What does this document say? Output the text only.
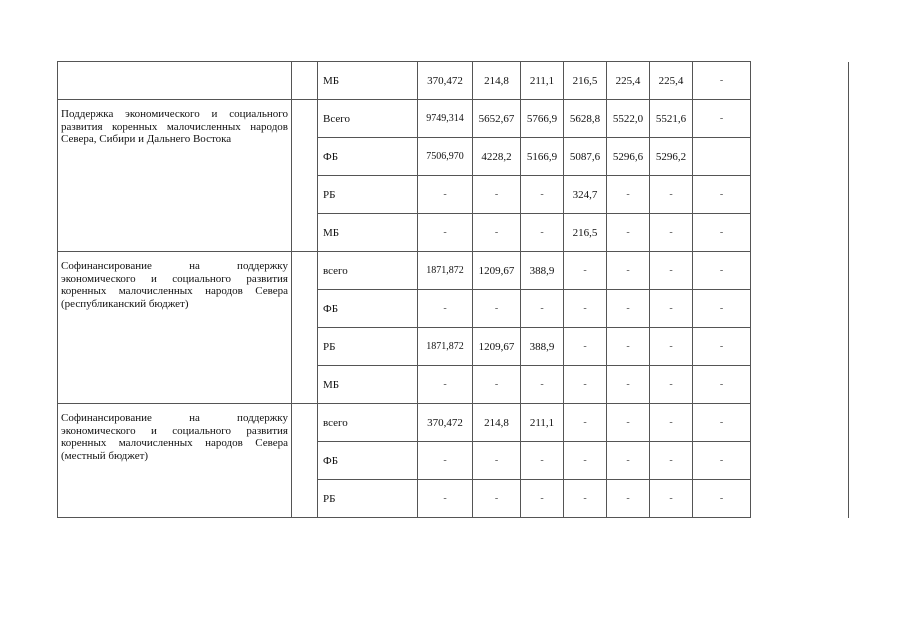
		МБ	370,472	214,8	211,1	216,5	225,4	225,4	-	
Поддержка экономического и социального развития коренных малочисленных народов Севера, Сибири и Дальнего Востока		Всего	9749,314	5652,67	5766,9	5628,8	5522,0	5521,6	-	
		ФБ	7506,970	4228,2	5166,9	5087,6	5296,6	5296,2		
		РБ	-	-	-	324,7	-	-	-	
		МБ	-	-	-	216,5	-	-	-	
Софинансирование на поддержку экономического и социального развития коренных малочисленных народов Севера (республиканский бюджет)		всего	1871,872	1209,67	388,9	-	-	-	-	
		ФБ	-	-	-	-	-	-	-	
		РБ	1871,872	1209,67	388,9	-	-	-	-	
		МБ	-	-	-	-	-	-	-	
Софинансирование на поддержку экономического и социального развития коренных малочисленных народов Севера (местный бюджет)		всего	370,472	214,8	211,1	-	-	-	-	
		ФБ	-	-	-	-	-	-	-	
		РБ	-	-	-	-	-	-	-	
